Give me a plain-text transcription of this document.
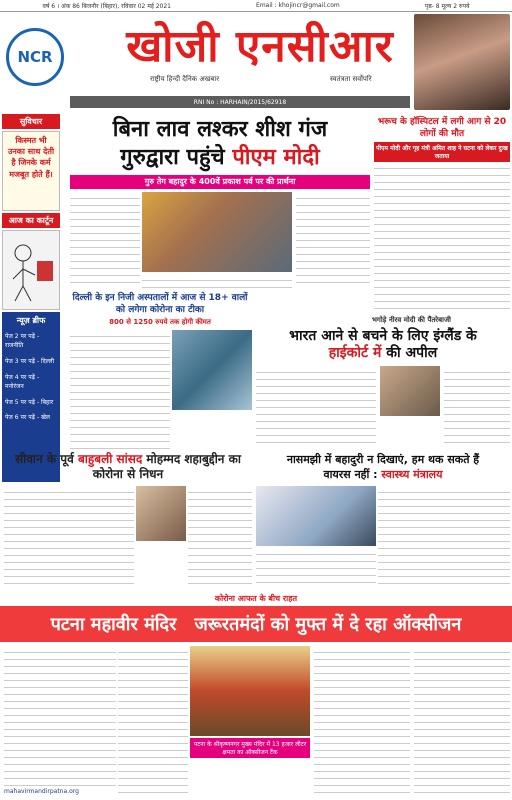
वर्ष 6 । अंक 86 बिजनौर (बिहार), रविवार 02 मई 2021	Email : khojincr@gmail.com	पृष्ठ- 8 मूल्य 2 रुपये
NCR	खोजी एनसीआर
राष्ट्रीय हिन्दी दैनिक अखबार	स्वतंत्रता सर्वोपरि
RNI No : HARHAIN/2015/62918
सुविचार
किस्मत भी उनका साथ देती है जिनके कर्म मजबूत होते हैं।
आज का कार्टून
न्यूज़ ब्रीफ
पेज 2 पर पढ़ें - राजनीति
पेज 3 पर पढ़ें - दिल्ली
पेज 4 पर पढ़ें - मनोरंजन
पेज 5 पर पढ़ें - बिहार
पेज 6 पर पढ़ें - खेल
बिना लाव लश्कर शीश गंज
गुरुद्वारा पहुंचे पीएम मोदी
गुरु तेग बहादुर के 400वें प्रकाश पर्व पर की प्रार्थना
भरूच के हॉस्पिटल में लगी आग से 20 लोगों की मौत
पीएम मोदी और गृह मंत्री अमित शाह ने घटना को लेकर दुःख जताया
दिल्ली के इन निजी अस्पतालों में आज से 18+ वालों को लगेगा कोरोना का टीका
800 से 1250 रुपये तक होगी कीमत	भगोड़े नीरव मोदी की पैंतरेबाजी
भारत आने से बचने के लिए इंग्लैंड के
हाईकोर्ट में की अपील
सीवान के पूर्व बाहुबली सांसद मोहम्मद शहाबुद्दीन का कोरोना से निधन
नासमझी में बहादुरी न दिखाएं, हम थक सकते हैं
वायरस नहीं : स्वास्थ्य मंत्रालय
कोरोना आफत के बीच राहत
पटना महावीर मंदिर जरूरतमंदों को मुफ्त में दे रहा ऑक्सीजन
mahavirmandirpatna.org
पटना के श्रीकृष्णनगर मुख्य मंदिर में 13 हजार लीटर क्षमता का ऑक्सीजन टैंक
